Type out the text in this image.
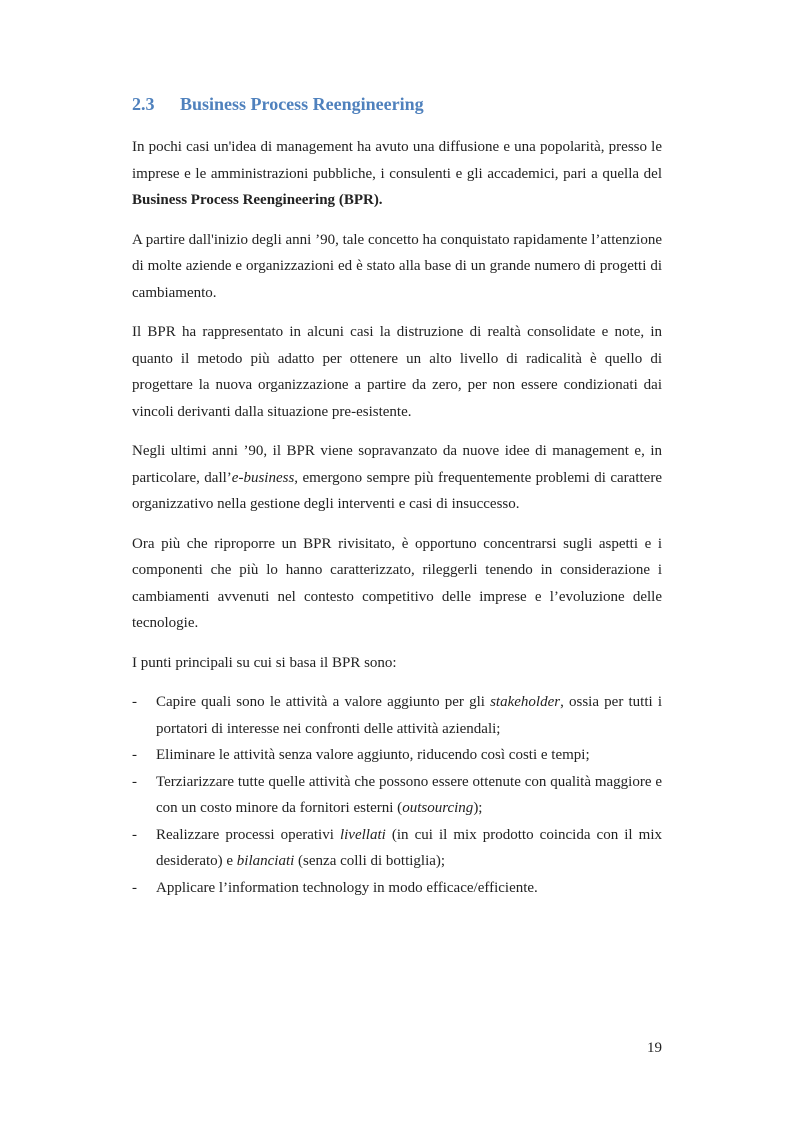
2.3 Business Process Reengineering

In pochi casi un'idea di management ha avuto una diffusione e una popolarità, presso le imprese e le amministrazioni pubbliche, i consulenti e gli accademici, pari a quella del Business Process Reengineering (BPR).

A partire dall'inizio degli anni ’90, tale concetto ha conquistato rapidamente l’attenzione di molte aziende e organizzazioni ed è stato alla base di un grande numero di progetti di cambiamento.

Il BPR ha rappresentato in alcuni casi la distruzione di realtà consolidate e note, in quanto il metodo più adatto per ottenere un alto livello di radicalità è quello di progettare la nuova organizzazione a partire da zero, per non essere condizionati dai vincoli derivanti dalla situazione pre-esistente.

Negli ultimi anni ’90, il BPR viene sopravanzato da nuove idee di management e, in particolare, dall’e-business, emergono sempre più frequentemente problemi di carattere organizzativo nella gestione degli interventi e casi di insuccesso.

Ora più che riproporre un BPR rivisitato, è opportuno concentrarsi sugli aspetti e i componenti che più lo hanno caratterizzato, rileggerli tenendo in considerazione i cambiamenti avvenuti nel contesto competitivo delle imprese e l’evoluzione delle tecnologie.

I punti principali su cui si basa il BPR sono:

- Capire quali sono le attività a valore aggiunto per gli stakeholder, ossia per tutti i portatori di interesse nei confronti delle attività aziendali;
- Eliminare le attività senza valore aggiunto, riducendo così costi e tempi;
- Terziarizzare tutte quelle attività che possono essere ottenute con qualità maggiore e con un costo minore da fornitori esterni (outsourcing);
- Realizzare processi operativi livellati (in cui il mix prodotto coincida con il mix desiderato) e bilanciati (senza colli di bottiglia);
- Applicare l’information technology in modo efficace/efficiente.
19
